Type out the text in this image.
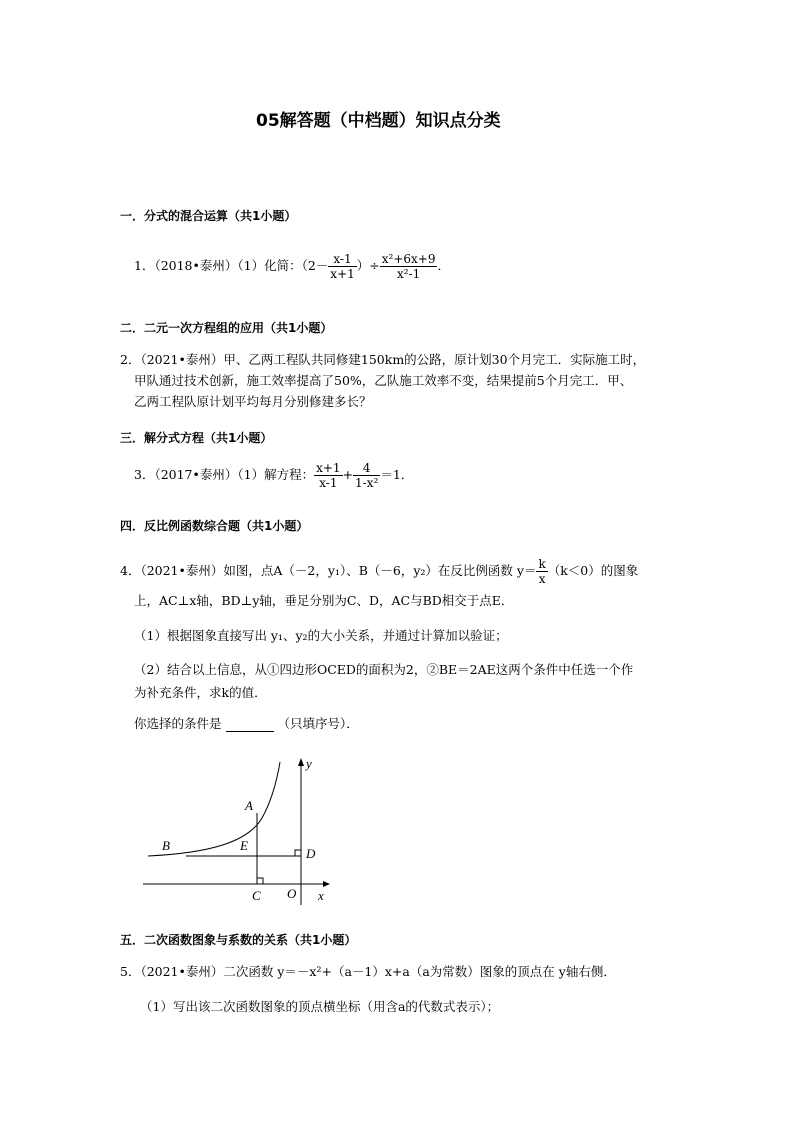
05解答题（中档题）知识点分类
一．分式的混合运算（共1小题）
1．（2018•泰州）（1）化简：（$2- \frac{x-1}{x+1}$ ）÷ $\frac{\text{x²+6x+9}}{\text{x²-1}}$ ．
二．二元一次方程组的应用（共1小题）
2．（2021•泰州）甲、乙两工程队共同修建150km的公路，原计划30个月完工．实际施工时，
甲队通过技术创新，施工效率提高了50%，乙队施工效率不变，结果提前5个月完工．甲、
乙两工程队原计划平均每月分别修建多长？
三．解分式方程（共1小题）
3．（2017•泰州）（1）解方程： $\frac{x+1}{x-1} + \frac{4}{\text{1-x²}} =1$．
四．反比例函数综合题（共1小题）
4．（2021•泰州）如图，点A（－2，y₁）、B（－6，y₂）在反比例函数 $y= \frac{k}{x} (k<0)$的图象
上，AC⊥x轴，BD⊥y轴，垂足分别为C、D，AC与BD相交于点E．
（1）根据图象直接写出 y₁、y₂的大小关系，并通过计算加以验证；
（2）结合以上信息，从①四边形OCED的面积为2，②BE＝2AE这两个条件中任选一个作
为补充条件，求k的值．
你选择的条件是	（只填序号）．
y
A
B	E
D
C O x
五．二次函数图象与系数的关系（共1小题）
5．（2021•泰州）二次函数 y＝－x²+（a－1）x+a（a为常数）图象的顶点在 y轴右侧．
（1）写出该二次函数图象的顶点横坐标（用含a的代数式表示）；
